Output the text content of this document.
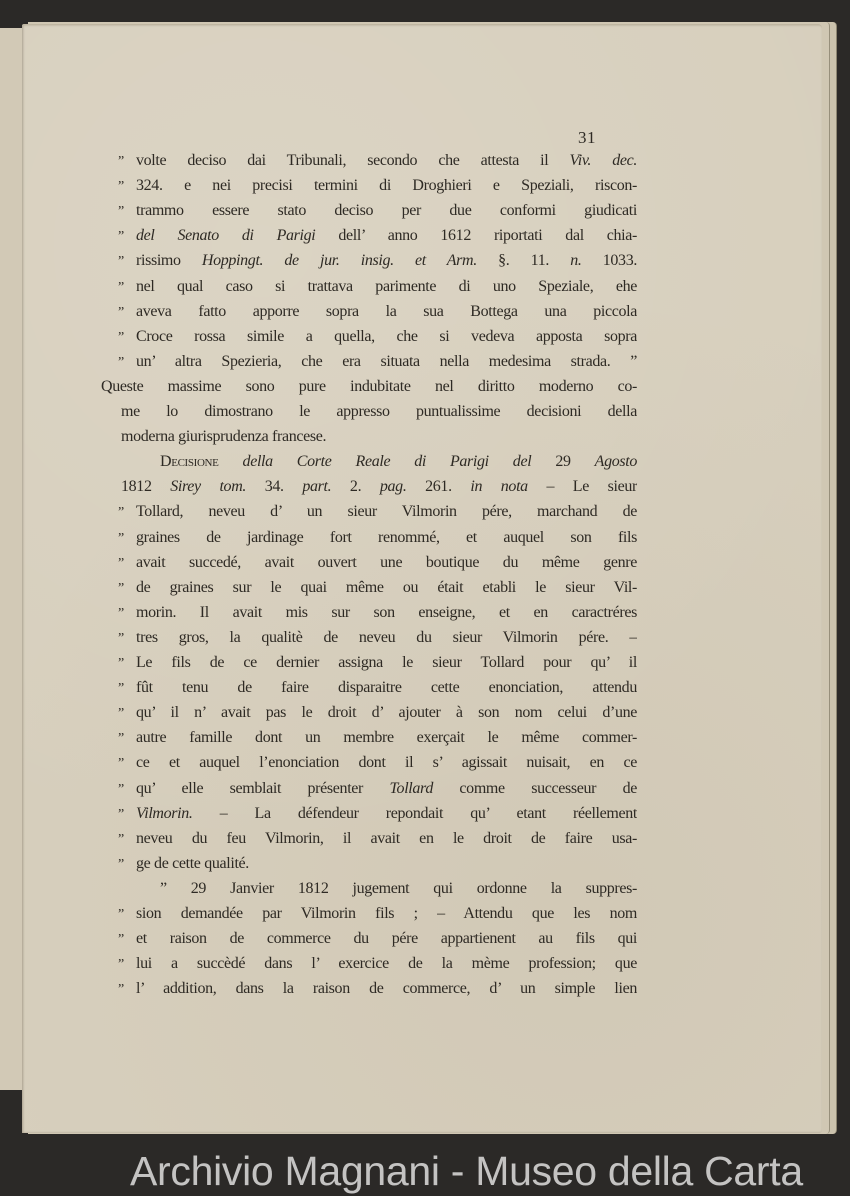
31
” volte deciso dai Tribunali, secondo che attesta il Viv. dec.
” 324. e nei precisi termini di Droghieri e Speziali, riscon-
” trammo essere stato deciso per due conformi giudicati
” del Senato di Parigi dell’ anno 1612 riportati dal chia-
” rissimo Hoppingt. de jur. insig. et Arm. §. 11. n. 1033.
” nel qual caso si trattava parimente di uno Speziale, ehe
” aveva fatto apporre sopra la sua Bottega una piccola
” Croce rossa simile a quella, che si vedeva apposta sopra
” un’ altra Spezieria, che era situata nella medesima strada. ”
Queste massime sono pure indubitate nel diritto moderno co-
me lo dimostrano le appresso puntualissime decisioni della
moderna giurisprudenza francese.
Decisione della Corte Reale di Parigi del 29 Agosto
1812 Sirey tom. 34. part. 2. pag. 261. in nota – Le sieur
” Tollard, neveu d’ un sieur Vilmorin pére, marchand de
” graines de jardinage fort renommé, et auquel son fils
” avait succedé, avait ouvert une boutique du même genre
” de graines sur le quai même ou était etabli le sieur Vil-
” morin. Il avait mis sur son enseigne, et en caractréres
” tres gros, la qualitè de neveu du sieur Vilmorin pére. –
” Le fils de ce dernier assigna le sieur Tollard pour qu’ il
” fût tenu de faire disparaitre cette enonciation, attendu
” qu’ il n’ avait pas le droit d’ ajouter à son nom celui d’une
” autre famille dont un membre exerçait le même commer-
” ce et auquel l’enonciation dont il s’ agissait nuisait, en ce
” qu’ elle semblait présenter Tollard comme successeur de
” Vilmorin. – La défendeur repondait qu’ etant réellement
” neveu du feu Vilmorin, il avait en le droit de faire usa-
” ge de cette qualité.
” 29 Janvier 1812 jugement qui ordonne la suppres-
” sion demandée par Vilmorin fils ; – Attendu que les nom
” et raison de commerce du pére appartienent au fils qui
” lui a succèdé dans l’ exercice de la mème profession; que
” l’ addition, dans la raison de commerce, d’ un simple lien
Archivio Magnani - Museo della Carta
